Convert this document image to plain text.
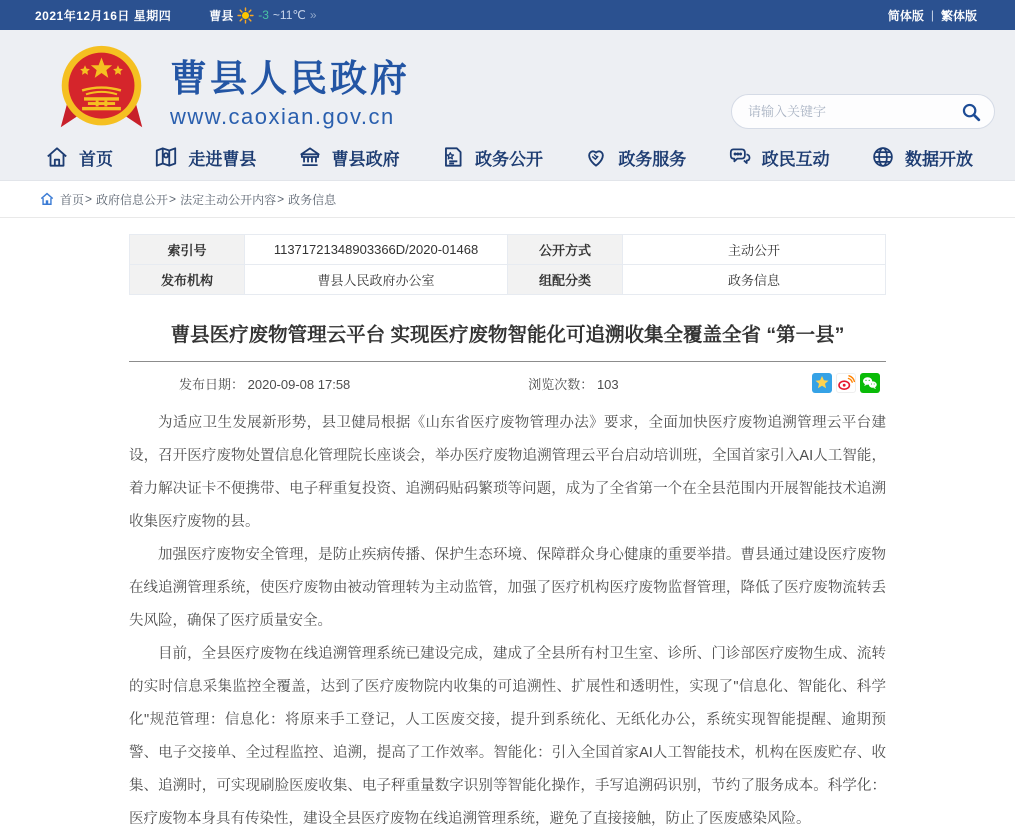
2021年12月16日 星期四	曹县 -3 ~11℃ »	简体版 | 繁体版
曹县人民政府
www.caoxian.gov.cn
请输入关键字
首页	走进曹县	曹县政府	政务公开	政务服务	政民互动	数据开放
首页 > 政府信息公开 > 法定主动公开内容 > 政务信息
索引号	11371721348903366D/2020-01468	公开方式	主动公开
发布机构	曹县人民政府办公室	组配分类	政务信息
曹县医疗废物管理云平台 实现医疗废物智能化可追溯收集全覆盖全省 “第一县”
发布日期： 2020-09-08 17:58	浏览次数： 103

为适应卫生发展新形势，县卫健局根据《山东省医疗废物管理办法》要求，全面加快医疗废物追溯管理云平台建设，召开医疗废物处置信息化管理院长座谈会，举办医疗废物追溯管理云平台启动培训班，全国首家引入AI人工智能，着力解决证卡不便携带、电子秤重复投资、追溯码贴码繁琐等问题，成为了全省第一个在全县范围内开展智能技术追溯收集医疗废物的县。

加强医疗废物安全管理，是防止疾病传播、保护生态环境、保障群众身心健康的重要举措。曹县通过建设医疗废物在线追溯管理系统，使医疗废物由被动管理转为主动监管，加强了医疗机构医疗废物监督管理，降低了医疗废物流转丢失风险，确保了医疗质量安全。

目前，全县医疗废物在线追溯管理系统已建设完成，建成了全县所有村卫生室、诊所、门诊部医疗废物生成、流转的实时信息采集监控全覆盖，达到了医疗废物院内收集的可追溯性、扩展性和透明性，实现了"信息化、智能化、科学化"规范管理：信息化：将原来手工登记，人工医废交接，提升到系统化、无纸化办公，系统实现智能提醒、逾期预警、电子交接单、全过程监控、追溯，提高了工作效率。智能化：引入全国首家AI人工智能技术，机构在医废贮存、收集、追溯时，可实现刷脸医废收集、电子秤重量数字识别等智能化操作，手写追溯码识别，节约了服务成本。科学化：医疗废物本身具有传染性，建设全县医疗废物在线追溯管理系统，避免了直接接触，防止了医废感染风险。
